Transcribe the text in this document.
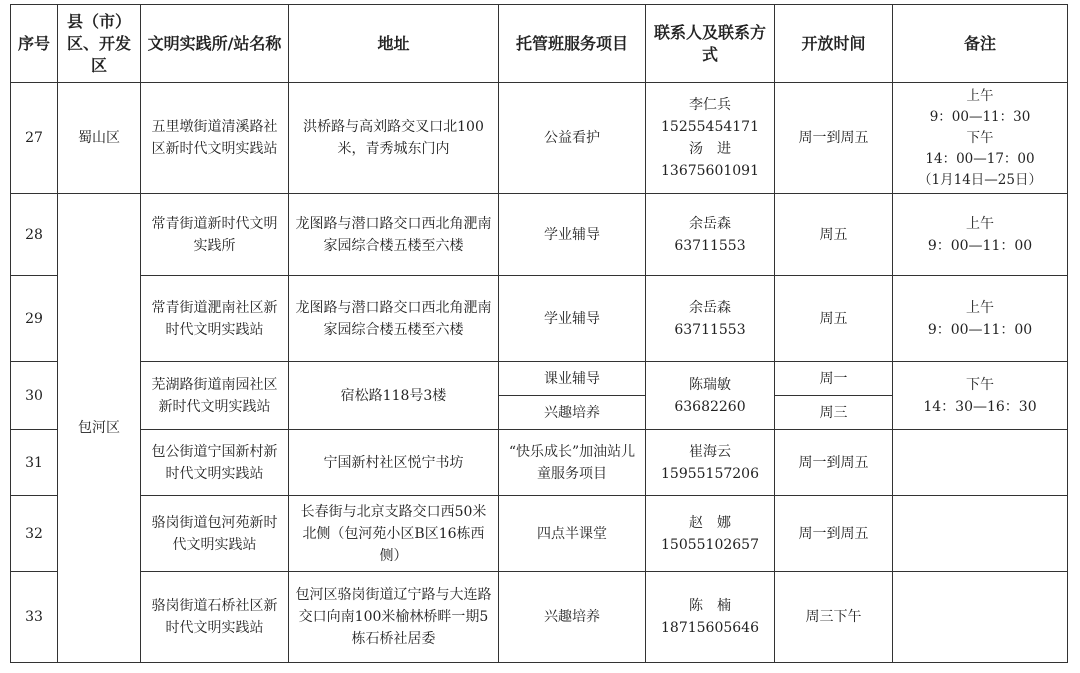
序号	县（市）区、开发区	文明实践所/站名称	地址	托管班服务项目	联系人及联系方式	开放时间	备注
27	蜀山区	五里墩街道清溪路社区新时代文明实践站	洪桥路与高刘路交叉口北100米，青秀城东门内	公益看护	李仁兵
15255454171
汤　进
13675601091	周一到周五	上午
9：00—11：30
下午
14：00—17：00
（1月14日—25日）

28	包河区	常青街道新时代文明实践所	龙图路与潜口路交口西北角淝南家园综合楼五楼至六楼	学业辅导	余岳森
63711553	周五	上午
9：00—11：00

29		常青街道淝南社区新时代文明实践站	龙图路与潜口路交口西北角淝南家园综合楼五楼至六楼	学业辅导	余岳森
63711553	周五	上午
9：00—11：00

30		芜湖路街道南园社区新时代文明实践站	宿松路118号3楼	课业辅导	陈瑞敏
63682260	周一	下午
14：30—16：30

				兴趣培养		周三	
31		包公街道宁国新村新时代文明实践站	宁国新村社区悦宁书坊	“快乐成长”加油站儿童服务项目	崔海云
15955157206	周一到周五	
32		骆岗街道包河苑新时代文明实践站	长春街与北京支路交口西50米北侧（包河苑小区B区16栋西侧）	四点半课堂	赵　娜
15055102657	周一到周五	
33		骆岗街道石桥社区新时代文明实践站	包河区骆岗街道辽宁路与大连路交口向南100米榆林桥畔一期5栋石桥社居委	兴趣培养	陈　楠
18715605646	周三下午	
